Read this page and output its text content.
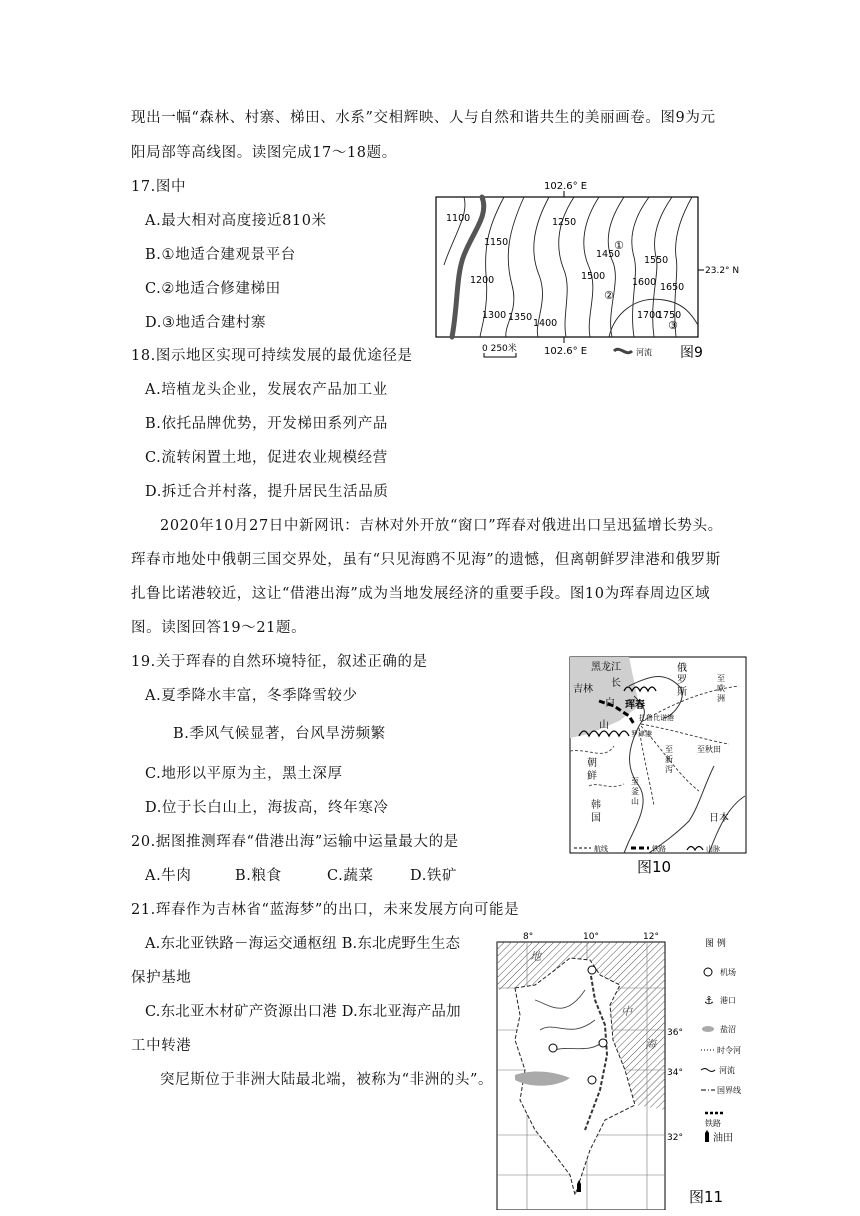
现出一幅“森林、村寨、梯田、水系”交相辉映、人与自然和谐共生的美丽画卷。图9为元
阳局部等高线图。读图完成17～18题。
17.图中
A.最大相对高度接近810米
B.①地适合建观景平台
C.②地适合修建梯田
D.③地适合建村寨
18.图示地区实现可持续发展的最优途径是
A.培植龙头企业，发展农产品加工业
B.依托品牌优势，开发梯田系列产品
C.流转闲置土地，促进农业规模经营
D.拆迁合并村落，提升居民生活品质
2020年10月27日中新网讯：吉林对外开放“窗口”珲春对俄进出口呈迅猛增长势头。
珲春市地处中俄朝三国交界处，虽有“只见海鸥不见海”的遗憾，但离朝鲜罗津港和俄罗斯
扎鲁比诺港较近，这让“借港出海”成为当地发展经济的重要手段。图10为珲春周边区域
图。读图回答19～21题。
19.关于珲春的自然环境特征，叙述正确的是
A.夏季降水丰富，冬季降雪较少
B.季风气候显著，台风旱涝频繁
C.地形以平原为主，黑土深厚
D.位于长白山上，海拔高，终年寒冷
20.据图推测珲春“借港出海”运输中运量最大的是
A.牛肉	B.粮食	C.蔬菜	D.铁矿
21.珲春作为吉林省“蓝海梦”的出口，未来发展方向可能是
A.东北亚铁路－海运交通枢纽 B.东北虎野生生态
保护基地
C.东北亚木材矿产资源出口港 D.东北亚海产品加
工中转港
突尼斯位于非洲大陆最北端，被称为“非洲的头”。
102.6° E
1100
1150
1250
1200
1450
1550
1500
1600 1650
1300 1350
1400
1700
1750
①
②
③
23.2° N
102.6° E
0 250米	河流 图9
黑龙江	俄罗斯
吉林
长
白
山
珲春
扎鲁比诺港
罗津港
至欧洲
至秋田
至新泻
至釜山
朝鲜
韩国	日本
航线	铁路	山脉
图10
8°	10°	12°
36°
34°
32°
地
中
海
图 例
机场
⚓ 港口
盐沼
时令河
河流
国界线
铁路
油田
图11
